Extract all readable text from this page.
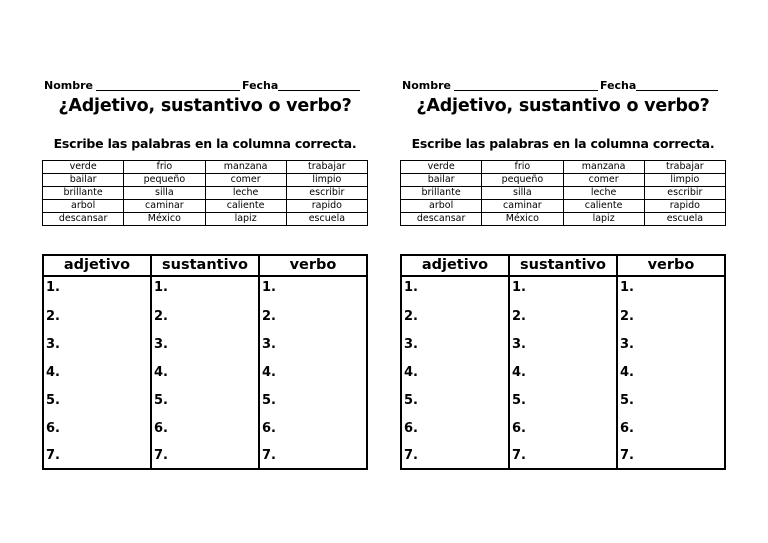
Nombre	Fecha
¿Adjetivo, sustantivo o verbo?
Escribe las palabras en la columna correcta.
verde	frio	manzana	trabajar
bailar	pequeño	comer	limpio
brillante	silla	leche	escribir
arbol	caminar	caliente	rapido
descansar	México	lapiz	escuela
adjetivo	sustantivo	verbo
1.	1.	1.
2.	2.	2.
3.	3.	3.
4.	4.	4.
5.	5.	5.
6.	6.	6.
7.	7.	7.
Nombre	Fecha
¿Adjetivo, sustantivo o verbo?
Escribe las palabras en la columna correcta.
verde	frio	manzana	trabajar
bailar	pequeño	comer	limpio
brillante	silla	leche	escribir
arbol	caminar	caliente	rapido
descansar	México	lapiz	escuela
adjetivo	sustantivo	verbo
1.	1.	1.
2.	2.	2.
3.	3.	3.
4.	4.	4.
5.	5.	5.
6.	6.	6.
7.	7.	7.
